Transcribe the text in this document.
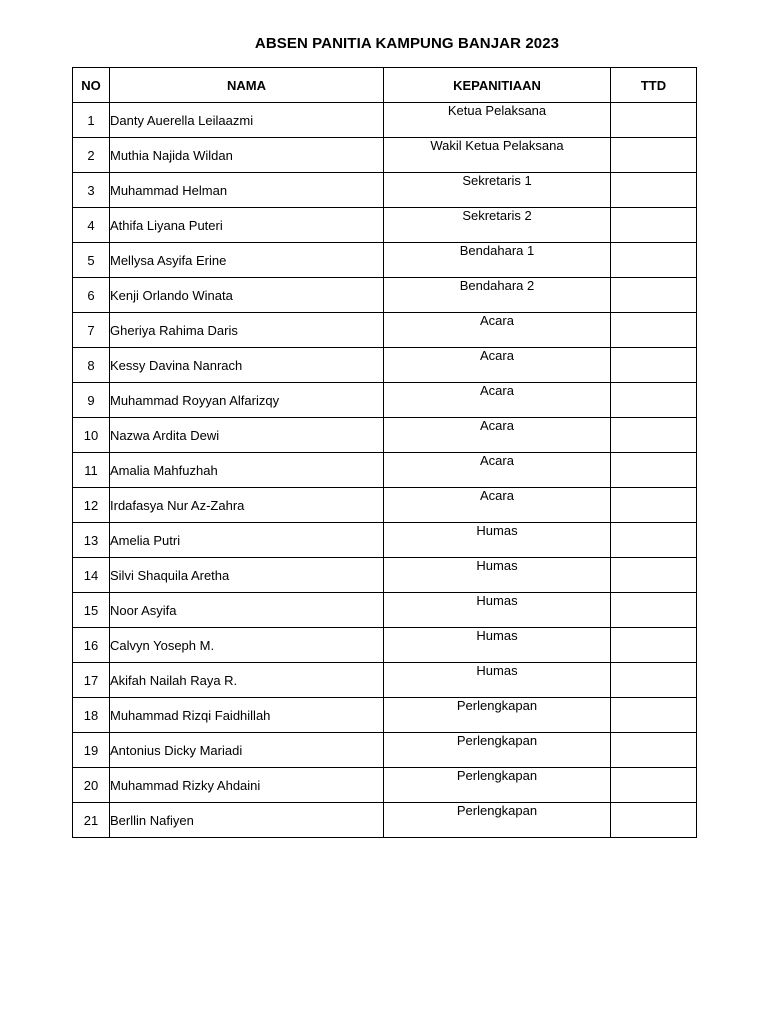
ABSEN PANITIA KAMPUNG BANJAR 2023
NO	NAMA	KEPANITIAAN	TTD
1	Danty Auerella Leilaazmi	Ketua Pelaksana	
2	Muthia Najida Wildan	Wakil Ketua Pelaksana	
3	Muhammad Helman	Sekretaris 1	
4	Athifa Liyana Puteri	Sekretaris 2	
5	Mellysa Asyifa Erine	Bendahara 1	
6	Kenji Orlando Winata	Bendahara 2	
7	Gheriya Rahima Daris	Acara	
8	Kessy Davina Nanrach	Acara	
9	Muhammad Royyan Alfarizqy	Acara	
10	Nazwa Ardita Dewi	Acara	
11	Amalia Mahfuzhah	Acara	
12	Irdafasya Nur Az-Zahra	Acara	
13	Amelia Putri	Humas	
14	Silvi Shaquila Aretha	Humas	
15	Noor Asyifa	Humas	
16	Calvyn Yoseph M.	Humas	
17	Akifah Nailah Raya R.	Humas	
18	Muhammad Rizqi Faidhillah	Perlengkapan	
19	Antonius Dicky Mariadi	Perlengkapan	
20	Muhammad Rizky Ahdaini	Perlengkapan	
21	Berllin Nafiyen	Perlengkapan	
